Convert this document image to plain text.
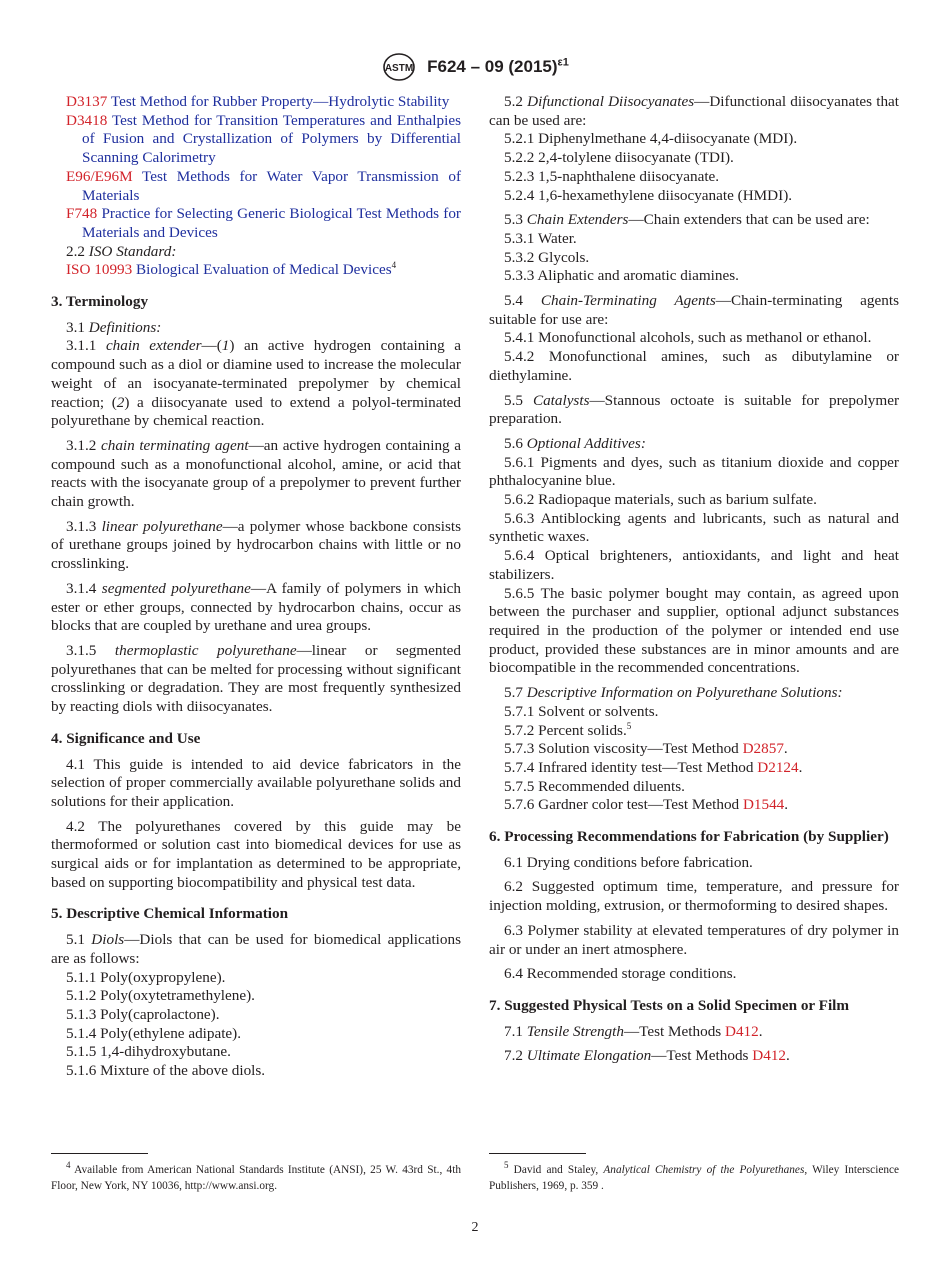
ASTM F624 – 09 $(2015)^{\varepsilon 1}$
D3137 Test Method for Rubber Property—Hydrolytic Stability
D3418 Test Method for Transition Temperatures and Enthalpies of Fusion and Crystallization of Polymers by Differential Scanning Calorimetry
E96/E96M Test Methods for Water Vapor Transmission of Materials
F748 Practice for Selecting Generic Biological Test Methods for Materials and Devices

2.2 ISO Standard:

ISO 10993 Biological Evaluation of Medical Devices$^4$
3. Terminology

3.1 Definitions:

3.1.1 chain extender—(1) an active hydrogen containing a compound such as a diol or diamine used to increase the molecular weight of an isocyanate-terminated prepolymer by chemical reaction; (2) a diisocyanate used to extend a polyol-terminated polyurethane by chemical reaction.

3.1.2 chain terminating agent—an active hydrogen containing a compound such as a monofunctional alcohol, amine, or acid that reacts with the isocyanate group of a prepolymer to prevent further chain growth.

3.1.3 linear polyurethane—a polymer whose backbone consists of urethane groups joined by hydrocarbon chains with little or no crosslinking.

3.1.4 segmented polyurethane—A family of polymers in which ester or ether groups, connected by hydrocarbon chains, occur as blocks that are coupled by urethane and urea groups.

3.1.5 thermoplastic polyurethane—linear or segmented polyurethanes that can be melted for processing without significant crosslinking or degradation. They are most frequently synthesized by reacting diols with diisocyanates.

4. Significance and Use

4.1 This guide is intended to aid device fabricators in the selection of proper commercially available polyurethane solids and solutions for their application.

4.2 The polyurethanes covered by this guide may be thermoformed or solution cast into biomedical devices for use as surgical aids or for implantation as determined to be appropriate, based on supporting biocompatibility and physical test data.

5. Descriptive Chemical Information

5.1 Diols—Diols that can be used for biomedical applications are as follows:

5.1.1 Poly(oxypropylene).

5.1.2 Poly(oxytetramethylene).

5.1.3 Poly(caprolactone).

5.1.4 Poly(ethylene adipate).

5.1.5 1,4-dihydroxybutane.

5.1.6 Mixture of the above diols.

5.2 Difunctional Diisocyanates—Difunctional diisocyanates that can be used are:

5.2.1 Diphenylmethane 4,4-diisocyanate (MDI).

5.2.2 2,4-tolylene diisocyanate (TDI).

5.2.3 1,5-naphthalene diisocyanate.

5.2.4 1,6-hexamethylene diisocyanate (HMDI).

5.3 Chain Extenders—Chain extenders that can be used are:

5.3.1 Water.

5.3.2 Glycols.

5.3.3 Aliphatic and aromatic diamines.

5.4 Chain-Terminating Agents—Chain-terminating agents suitable for use are:

5.4.1 Monofunctional alcohols, such as methanol or ethanol.

5.4.2 Monofunctional amines, such as dibutylamine or diethylamine.

5.5 Catalysts—Stannous octoate is suitable for prepolymer preparation.

5.6 Optional Additives:

5.6.1 Pigments and dyes, such as titanium dioxide and copper phthalocyanine blue.

5.6.2 Radiopaque materials, such as barium sulfate.

5.6.3 Antiblocking agents and lubricants, such as natural and synthetic waxes.

5.6.4 Optical brighteners, antioxidants, and light and heat stabilizers.

5.6.5 The basic polymer bought may contain, as agreed upon between the purchaser and supplier, optional adjunct substances required in the production of the polymer or intended end use product, provided these substances are in minor amounts and are biocompatible in the recommended concentrations.

5.7 Descriptive Information on Polyurethane Solutions:

5.7.1 Solvent or solvents.

5.7.2 Percent solids.$^5$

5.7.3 Solution viscosity—Test Method D2857.

5.7.4 Infrared identity test—Test Method D2124.

5.7.5 Recommended diluents.

5.7.6 Gardner color test—Test Method D1544.

6. Processing Recommendations for Fabrication (by Supplier)

6.1 Drying conditions before fabrication.

6.2 Suggested optimum time, temperature, and pressure for injection molding, extrusion, or thermoforming to desired shapes.

6.3 Polymer stability at elevated temperatures of dry polymer in air or under an inert atmosphere.

6.4 Recommended storage conditions.

7. Suggested Physical Tests on a Solid Specimen or Film

7.1 Tensile Strength—Test Methods D412.

7.2 Ultimate Elongation—Test Methods D412.

$^4$ Available from American National Standards Institute (ANSI), 25 W. 43rd St., 4th Floor, New York, NY 10036, http://www.ansi.org.
$^5$ David and Staley, Analytical Chemistry of the Polyurethanes, Wiley Interscience Publishers, 1969, p. 359 .
2
